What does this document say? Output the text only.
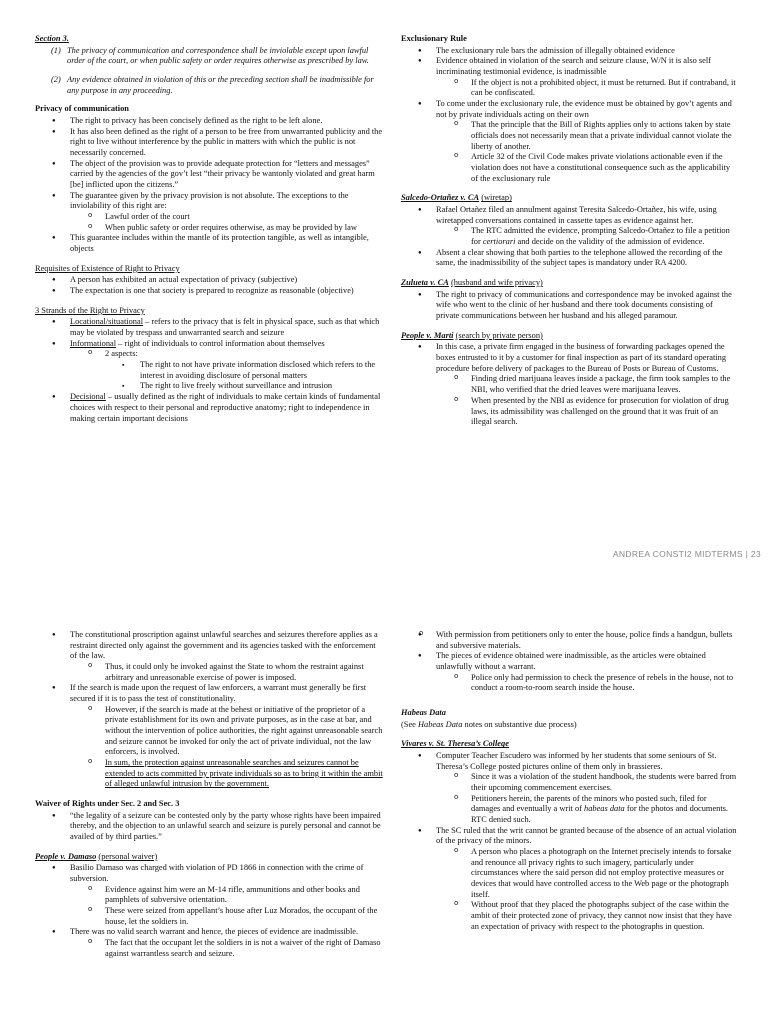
Section 3.
(1) The privacy of communication and correspondence shall be inviolable except upon lawful order of the court, or when public safety or order requires otherwise as prescribed by law.
(2) Any evidence obtained in violation of this or the preceding section shall be inadmissible for any purpose in any proceeding.
Privacy of communication
● The right to privacy has been concisely defined as the right to be left alone.
● It has also been defined as the right of a person to be free from unwarranted publicity and the right to live without interference by the public in matters with which the public is not necessarily concerned.
● The object of the provision was to provide adequate protection for “letters and messages” carried by the agencies of the gov’t lest “their privacy be wantonly violated and great harm [be] inflicted upon the citizens.”
● The guarantee given by the privacy provision is not absolute. The exceptions to the inviolability of this right are:
o Lawful order of the court
o When public safety or order requires otherwise, as may be provided by law
● This guarantee includes within the mantle of its protection tangible, as well as intangible, objects
Requisites of Existence of Right to Privacy
● A person has exhibited an actual expectation of privacy (subjective)
● The expectation is one that society is prepared to recognize as reasonable (objective)
3 Strands of the Right to Privacy
● Locational/situational – refers to the privacy that is felt in physical space, such as that which may be violated by trespass and unwarranted search and seizure
● Informational – right of individuals to control information about themselves
o 2 aspects:
▪ The right to not have private information disclosed which refers to the interest in avoiding disclosure of personal matters
▪ The right to live freely without surveillance and intrusion
● Decisional – usually defined as the right of individuals to make certain kinds of fundamental choices with respect to their personal and reproductive anatomy; right to independence in making certain important decisions
Exclusionary Rule
● The exclusionary rule bars the admission of illegally obtained evidence
● Evidence obtained in violation of the search and seizure clause, W/N it is also self incriminating testimonial evidence, is inadmissible
o If the object is not a prohibited object, it must be returned. But if contraband, it can be confiscated.
● To come under the exclusionary rule, the evidence must be obtained by gov’t agents and not by private individuals acting on their own
o That the principle that the Bill of Rights applies only to actions taken by state officials does not necessarily mean that a private individual cannot violate the liberty of another.
o Article 32 of the Civil Code makes private violations actionable even if the violation does not have a constitutional consequence such as the applicability of the exclusionary rule
Salcedo-Ortañez v. CA (wiretap)
● Rafael Ortañez filed an annulment against Teresita Salcedo-Ortañez, his wife, using wiretapped conversations contained in cassette tapes as evidence against her.
o The RTC admitted the evidence, prompting Salcedo-Ortañez to file a petition for certiorari and decide on the validity of the admission of evidence.
● Absent a clear showing that both parties to the telephone allowed the recording of the same, the inadmissibility of the subject tapes is mandatory under RA 4200.
Zulueta v. CA (husband and wife privacy)
● The right to privacy of communications and correspondence may be invoked against the wife who went to the clinic of her husband and there took documents consisting of private communications between her husband and his alleged paramour.
People v. Marti (search by private person)
● In this case, a private firm engaged in the business of forwarding packages opened the boxes entrusted to it by a customer for final inspection as part of its standard operating procedure before delivery of packages to the Bureau of Posts or Bureau of Customs.
o Finding dried marijuana leaves inside a package, the firm took samples to the NBI, who verified that the dried leaves were marijuana leaves.
o When presented by the NBI as evidence for prosecution for violation of drug laws, its admissibility was challenged on the ground that it was fruit of an illegal search.
ANDREA CONSTI2 MIDTERMS | 23
● The constitutional proscription against unlawful searches and seizures therefore applies as a restraint directed only against the government and its agencies tasked with the enforcement of the law.
o Thus, it could only be invoked against the State to whom the restraint against arbitrary and unreasonable exercise of power is imposed.
● If the search is made upon the request of law enforcers, a warrant must generally be first secured if it is to pass the test of constitutionality.
o However, if the search is made at the behest or initiative of the proprietor of a private establishment for its own and private purposes, as in the case at bar, and without the intervention of police authorities, the right against unreasonable search and seizure cannot be invoked for only the act of private individual, not the law enforcers, is involved.
o In sum, the protection against unreasonable searches and seizures cannot be extended to acts committed by private individuals so as to bring it within the ambit of alleged unlawful intrusion by the government.
Waiver of Rights under Sec. 2 and Sec. 3
● “the legality of a seizure can be contested only by the party whose rights have been impaired thereby, and the objection to an unlawful search and seizure is purely personal and cannot be availed of by third parties.”
People v. Damaso (personal waiver)
● Basilio Damaso was charged with violation of PD 1866 in connection with the crime of subversion.
o Evidence against him were an M-14 rifle, ammunitions and other books and pamphlets of subversive orientation.
o These were seized from appellant’s house after Luz Morados, the occupant of the house, let the soldiers in.
● There was no valid search warrant and hence, the pieces of evidence are inadmissible.
o The fact that the occupant let the soldiers in is not a waiver of the right of Damaso against warrantless search and seizure.
o ● With permission from petitioners only to enter the house, police finds a handgun, bullets and subversive materials.
● The pieces of evidence obtained were inadmissible, as the articles were obtained unlawfully without a warrant.
o Police only had permission to check the presence of rebels in the house, not to conduct a room-to-room search inside the house.
Habeas Data
(See Habeas Data notes on substantive due process)
Vivares v. St. Theresa’s College
● Computer Teacher Escudero was informed by her students that some seniours of St. Theresa’s College posted pictures online of them only in brassieres.
o Since it was a violation of the student handbook, the students were barred from their upcoming commencement exercises.
o Petitioners herein, the parents of the minors who posted such, filed for damages and eventually a writ of habeas data for the photos and documents. RTC denied such.
● The SC ruled that the writ cannot be granted because of the absence of an actual violation of the privacy of the minors.
o A person who places a photograph on the Internet precisely intends to forsake and renounce all privacy rights to such imagery, particularly under circumstances where the said person did not employ protective measures or devices that would have controlled access to the Web page or the photograph itself.
o Without proof that they placed the photographs subject of the case within the ambit of their protected zone of privacy, they cannot now insist that they have an expectation of privacy with respect to the photographs in question.
